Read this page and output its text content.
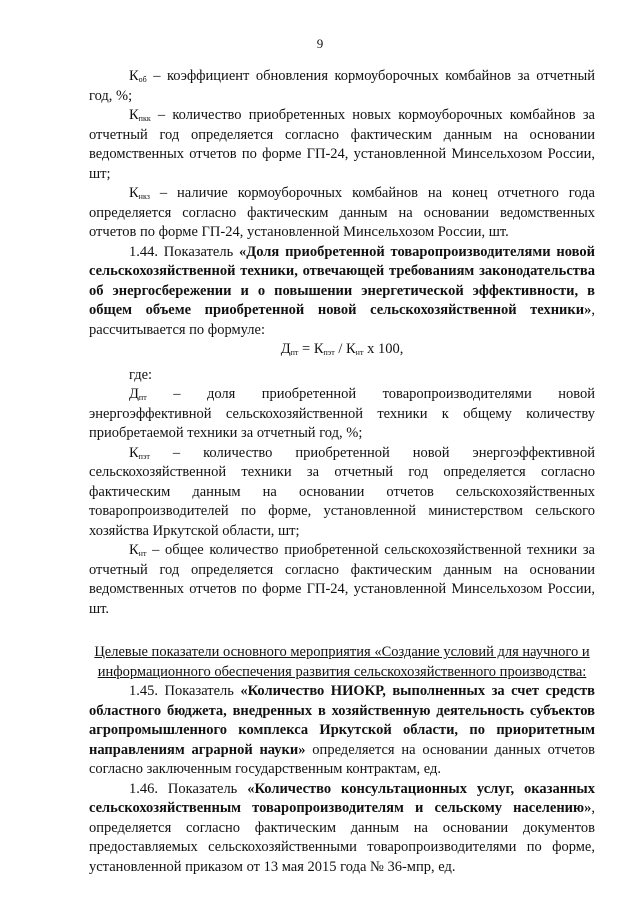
9

$К_{об}$ – коэффициент обновления кормоуборочных комбайнов за отчетный год, %;

$К_{пкк}$ – количество приобретенных новых кормоуборочных комбайнов за отчетный год определяется согласно фактическим данным на основании ведомственных отчетов по форме ГП-24, установленной Минсельхозом России, шт;

$К_{нкз}$ – наличие кормоуборочных комбайнов на конец отчетного года определяется согласно фактическим данным на основании ведомственных отчетов по форме ГП-24, установленной Минсельхозом России, шт.

1.44. Показатель «Доля приобретенной товаропроизводителями новой сельскохозяйственной техники, отвечающей требованиям законодательства об энергосбережении и о повышении энергетической эффективности, в общем объеме приобретенной новой сельскохозяйственной техники», рассчитывается по формуле:

$Д_{пт} = К_{пэт} / К_{нт}$ x 100,

где:

$Д_{пт}$ – доля приобретенной товаропроизводителями новой энергоэффективной сельскохозяйственной техники к общему количеству приобретаемой техники за отчетный год, %;

$К_{пэт}$ – количество приобретенной новой энергоэффективной сельскохозяйственной техники за отчетный год определяется согласно фактическим данным на основании отчетов сельскохозяйственных товаропроизводителей по форме, установленной министерством сельского хозяйства Иркутской области, шт;

$К_{нт}$ – общее количество приобретенной сельскохозяйственной техники за отчетный год определяется согласно фактическим данным на основании ведомственных отчетов по форме ГП-24, установленной Минсельхозом России, шт.

Целевые показатели основного мероприятия «Создание условий для научного и информационного обеспечения развития сельскохозяйственного производства:

1.45. Показатель «Количество НИОКР, выполненных за счет средств областного бюджета, внедренных в хозяйственную деятельность субъектов агропромышленного комплекса Иркутской области, по приоритетным направлениям аграрной науки» определяется на основании данных отчетов согласно заключенным государственным контрактам, ед.

1.46. Показатель «Количество консультационных услуг, оказанных сельскохозяйственным товаропроизводителям и сельскому населению», определяется согласно фактическим данным на основании документов предоставляемых сельскохозяйственными товаропроизводителями по форме, установленной приказом от 13 мая 2015 года № 36-мпр, ед.
